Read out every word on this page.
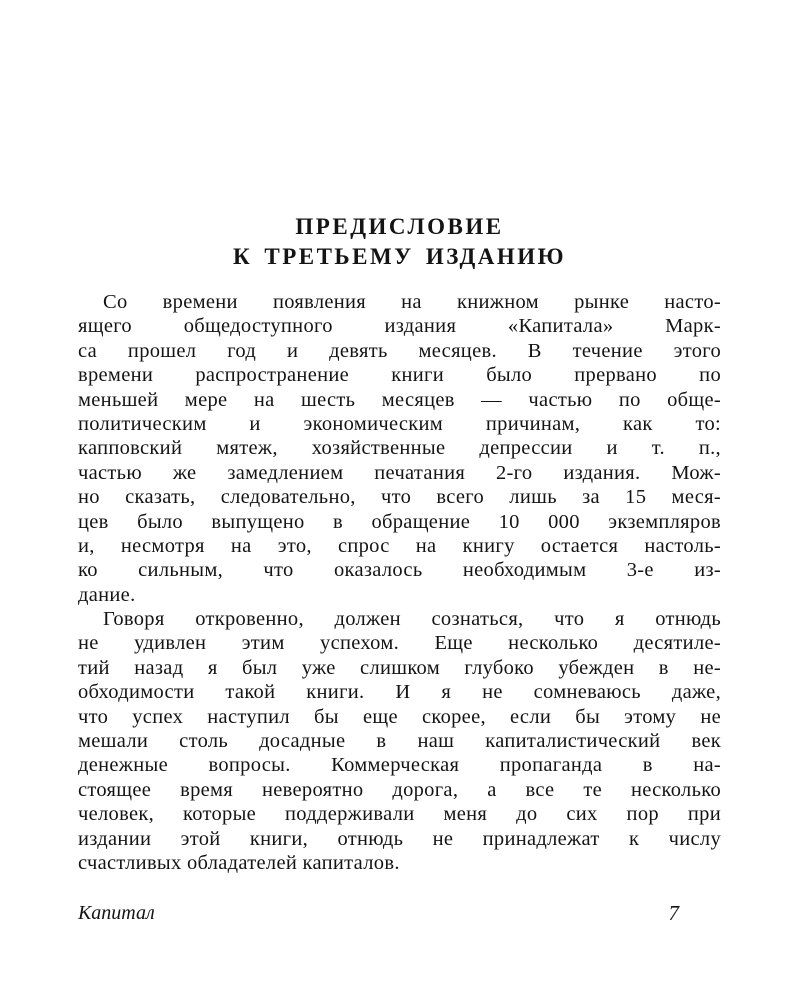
ПРЕДИСЛОВИЕ
К ТРЕТЬЕМУ ИЗДАНИЮ
Со времени появления на книжном рынке насто-
ящего общедоступного издания «Капитала» Марк-
са прошел год и девять месяцев. В течение этого
времени распространение книги было прервано по
меньшей мере на шесть месяцев — частью по обще-
политическим и экономическим причинам, как то:
капповский мятеж, хозяйственные депрессии и т. п.,
частью же замедлением печатания 2-го издания. Мож-
но сказать, следовательно, что всего лишь за 15 меся-
цев было выпущено в обращение 10 000 экземпляров
и, несмотря на это, спрос на книгу остается настоль-
ко сильным, что оказалось необходимым 3-е из-
дание.
Говоря откровенно, должен сознаться, что я отнюдь
не удивлен этим успехом. Еще несколько десятиле-
тий назад я был уже слишком глубоко убежден в не-
обходимости такой книги. И я не сомневаюсь даже,
что успех наступил бы еще скорее, если бы этому не
мешали столь досадные в наш капиталистический век
денежные вопросы. Коммерческая пропаганда в на-
стоящее время невероятно дорога, а все те несколько
человек, которые поддерживали меня до сих пор при
издании этой книги, отнюдь не принадлежат к числу
счастливых обладателей капиталов.
Капитал	7
